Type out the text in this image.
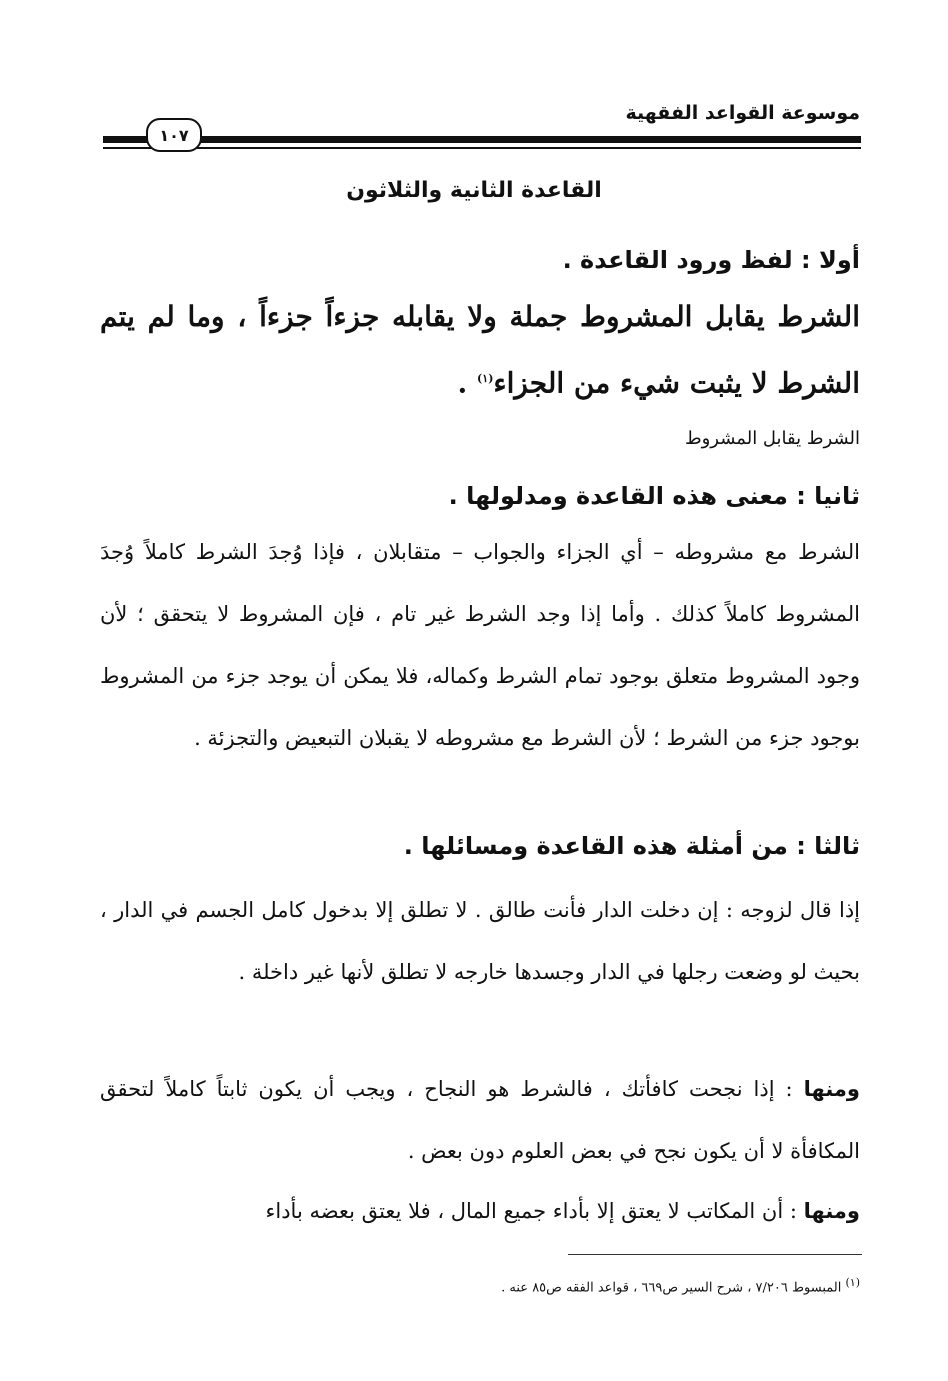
موسوعة القواعد الفقهية
١٠٧
القاعدة الثانية والثلاثون
أولا : لفظ ورود القاعدة .
الشرط يقابل المشروط جملة ولا يقابله جزءاً جزءاً ، وما لم يتم الشرط لا يثبت شيء من الجزاء$^{(١)}$ .
الشرط يقابل المشروط
ثانيا : معنى هذه القاعدة ومدلولها .
الشرط مع مشروطه – أي الجزاء والجواب – متقابلان ، فإذا وُجدَ الشرط كاملاً وُجدَ المشروط كاملاً كذلك . وأما إذا وجد الشرط غير تام ، فإن المشروط لا يتحقق ؛ لأن وجود المشروط متعلق بوجود تمام الشرط وكماله، فلا يمكن أن يوجد جزء من المشروط بوجود جزء من الشرط ؛ لأن الشرط مع مشروطه لا يقبلان التبعيض والتجزئة .
ثالثا : من أمثلة هذه القاعدة ومسائلها .
إذا قال لزوجه : إن دخلت الدار فأنت طالق . لا تطلق إلا بدخول كامل الجسم في الدار ، بحيث لو وضعت رجلها في الدار وجسدها خارجه لا تطلق لأنها غير داخلة .
ومنها : إذا نجحت كافأتك ، فالشرط هو النجاح ، ويجب أن يكون ثابتاً كاملاً لتحقق المكافأة لا أن يكون نجح في بعض العلوم دون بعض .
ومنها : أن المكاتب لا يعتق إلا بأداء جميع المال ، فلا يعتق بعضه بأداء
$^{(١)}$ المبسوط ٧/٢٠٦ ، شرح السير ص٦٦٩ ، قواعد الفقه ص٨٥ عنه .
